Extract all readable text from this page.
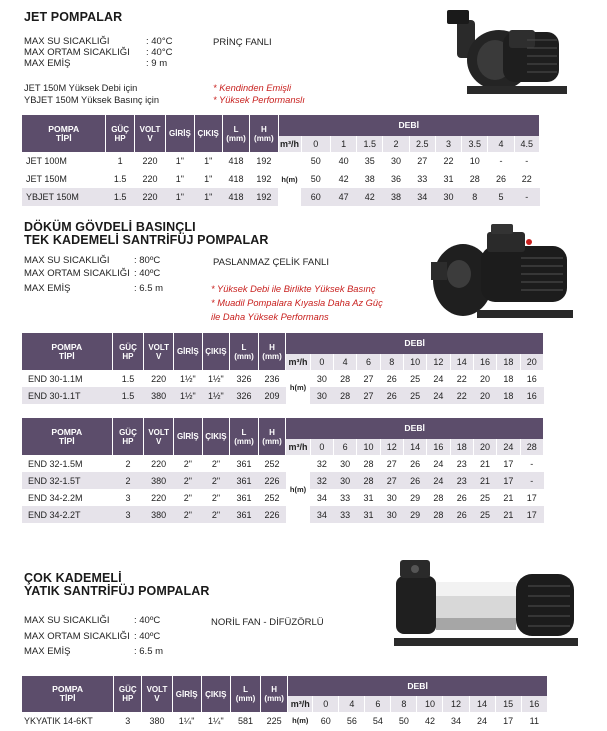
JET POMPALAR
MAX SU SICAKLIĞI	: 40°C
MAX ORTAM SICAKLIĞI : 40°C
MAX EMİŞ	: 9 m
PRİNÇ FANLI
JET 150M Yüksek Debi için
YBJET 150M Yüksek Basınç için
* Kendinden Emişli
* Yüksek Performanslı
POMPA
TİPİ	GÜÇ
HP	VOLT
V	GİRİŞ	ÇIKIŞ	L
(mm)	H
(mm)	DEBİ									
							m³/h	0	1	1.5	2	2.5	3	3.5	4	4.5
JET 100M	1	220	1"	1"	418	192	h(m)	50	40	35	30	27	22	10	-	-
JET 150M	1.5	220	1"	1"	418	192		50	42	38	36	33	31	28	26	22
YBJET 150M	1.5	220	1"	1"	418	192		60	47	42	38	34	30	8	5	-
DÖKÜM GÖVDELİ BASINÇLI
TEK KADEMELİ SANTRİFÜJ POMPALAR
MAX SU SICAKLIĞI	: 80ºC
MAX ORTAM SICAKLIĞI : 40ºC
MAX EMİŞ	: 6.5 m
PASLANMAZ ÇELİK FANLI
* Yüksek Debi ile Birlikte Yüksek Basınç
* Muadil Pompalara Kıyasla Daha Az Güç
ile Daha Yüksek Performans
POMPA
TİPİ	GÜÇ
HP	VOLT
V	GİRİŞ	ÇIKIŞ	L
(mm)	H
(mm)	DEBİ										
							m³/h	0	4	6	8	10	12	14	16	18	20
END 30-1.1M	1.5	220	1½"	1½"	326	236	h(m)	30	28	27	26	25	24	22	20	18	16
END 30-1.1T	1.5	380	1½"	1½"	326	209		30	28	27	26	25	24	22	20	18	16
POMPA
TİPİ	GÜÇ
HP	VOLT
V	GİRİŞ	ÇIKIŞ	L
(mm)	H
(mm)	DEBİ										
							m³/h	0	6	10	12	14	16	18	20	24	28
END 32-1.5M	2	220	2"	2"	361	252	h(m)	32	30	28	27	26	24	23	21	17	-
END 32-1.5T	2	380	2"	2"	361	226		32	30	28	27	26	24	23	21	17	-
END 34-2.2M	3	220	2"	2"	361	252		34	33	31	30	29	28	26	25	21	17
END 34-2.2T	3	380	2"	2"	361	226		34	33	31	30	29	28	26	25	21	17
ÇOK KADEMELİ
YATIK SANTRİFÜJ POMPALAR
MAX SU SICAKLIĞI	: 40ºC
MAX ORTAM SICAKLIĞI : 40ºC
MAX EMİŞ	: 6.5 m
NORİL FAN - DİFÜZÖRLÜ
POMPA
TİPİ	GÜÇ
HP	VOLT
V	GİRİŞ	ÇIKIŞ	L
(mm)	H
(mm)	DEBİ									
							m³/h	0	4	6	8	10	12	14	15	16
YKYATIK 14-6KT	3	380	1¼"	1¼"	581	225	h(m)	60	56	54	50	42	34	24	17	11
